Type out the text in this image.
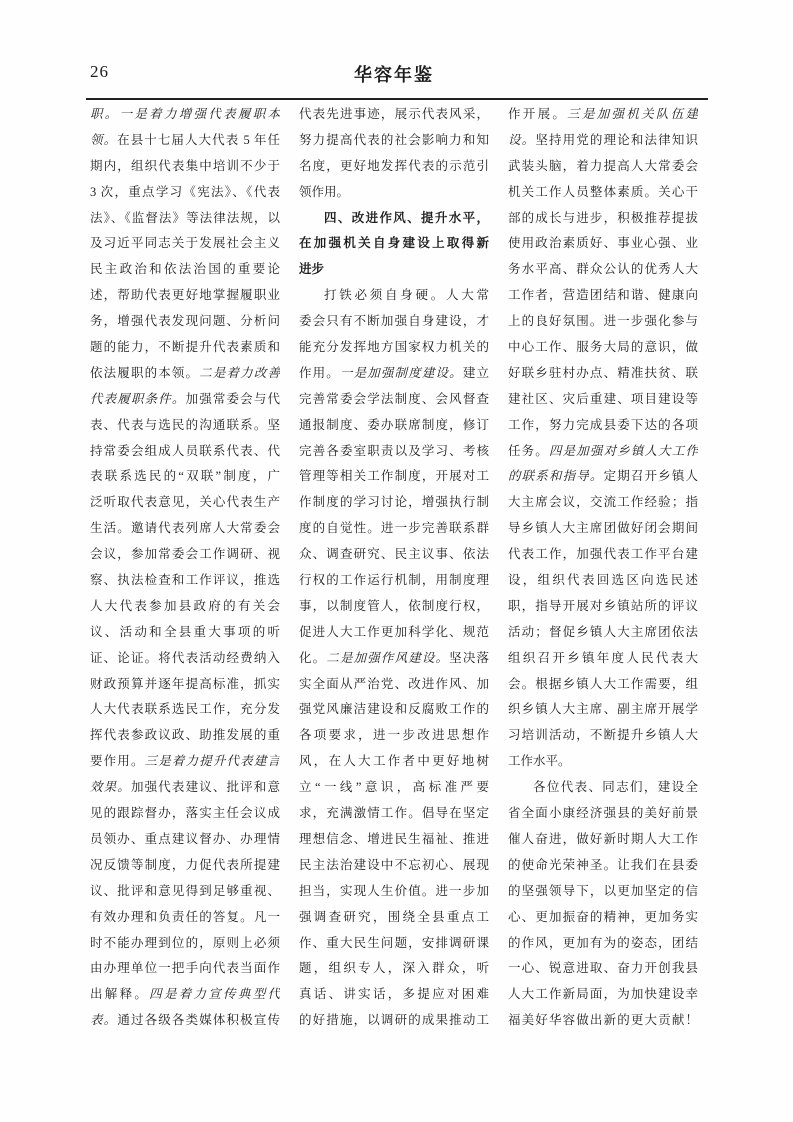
26	华容年鉴
职。一是着力增强代表履职本
领。在县十七届人大代表 5 年任
期内，组织代表集中培训不少于
3 次，重点学习《宪法》、《代表
法》、《监督法》等法律法规，以
及习近平同志关于发展社会主义
民主政治和依法治国的重要论
述，帮助代表更好地掌握履职业
务，增强代表发现问题、分析问
题的能力，不断提升代表素质和
依法履职的本领。二是着力改善
代表履职条件。加强常委会与代
表、代表与选民的沟通联系。坚
持常委会组成人员联系代表、代
表联系选民的“双联”制度，广
泛听取代表意见，关心代表生产
生活。邀请代表列席人大常委会
会议，参加常委会工作调研、视
察、执法检查和工作评议，推选
人大代表参加县政府的有关会
议、活动和全县重大事项的听
证、论证。将代表活动经费纳入
财政预算并逐年提高标准，抓实
人大代表联系选民工作，充分发
挥代表参政议政、助推发展的重
要作用。三是着力提升代表建言
效果。加强代表建议、批评和意
见的跟踪督办，落实主任会议成
员领办、重点建议督办、办理情
况反馈等制度，力促代表所提建
议、批评和意见得到足够重视、
有效办理和负责任的答复。凡一
时不能办理到位的，原则上必须
由办理单位一把手向代表当面作
出解释。四是着力宣传典型代
表。通过各级各类媒体积极宣传
代表先进事迹，展示代表风采，
努力提高代表的社会影响力和知
名度，更好地发挥代表的示范引
领作用。
四、改进作风、提升水平，
在加强机关自身建设上取得新
进步
打铁必须自身硬。人大常
委会只有不断加强自身建设，才
能充分发挥地方国家权力机关的
作用。一是加强制度建设。建立
完善常委会学法制度、会风督查
通报制度、委办联席制度，修订
完善各委室职责以及学习、考核
管理等相关工作制度，开展对工
作制度的学习讨论，增强执行制
度的自觉性。进一步完善联系群
众、调查研究、民主议事、依法
行权的工作运行机制，用制度理
事，以制度管人，依制度行权，
促进人大工作更加科学化、规范
化。二是加强作风建设。坚决落
实全面从严治党、改进作风、加
强党风廉洁建设和反腐败工作的
各项要求，进一步改进思想作
风，在人大工作者中更好地树
立“一线”意识，高标准严要
求，充满激情工作。倡导在坚定
理想信念、增进民生福祉、推进
民主法治建设中不忘初心、展现
担当，实现人生价值。进一步加
强调查研究，围绕全县重点工
作、重大民生问题，安排调研课
题，组织专人，深入群众，听
真话、讲实话，多提应对困难
的好措施，以调研的成果推动工
作开展。三是加强机关队伍建
设。坚持用党的理论和法律知识
武装头脑，着力提高人大常委会
机关工作人员整体素质。关心干
部的成长与进步，积极推荐提拔
使用政治素质好、事业心强、业
务水平高、群众公认的优秀人大
工作者，营造团结和谐、健康向
上的良好氛围。进一步强化参与
中心工作、服务大局的意识，做
好联乡驻村办点、精准扶贫、联
建社区、灾后重建、项目建设等
工作，努力完成县委下达的各项
任务。四是加强对乡镇人大工作
的联系和指导。定期召开乡镇人
大主席会议，交流工作经验；指
导乡镇人大主席团做好闭会期间
代表工作，加强代表工作平台建
设，组织代表回选区向选民述
职，指导开展对乡镇站所的评议
活动；督促乡镇人大主席团依法
组织召开乡镇年度人民代表大
会。根据乡镇人大工作需要，组
织乡镇人大主席、副主席开展学
习培训活动，不断提升乡镇人大
工作水平。
各位代表、同志们，建设全
省全面小康经济强县的美好前景
催人奋进，做好新时期人大工作
的使命光荣神圣。让我们在县委
的坚强领导下，以更加坚定的信
心、更加振奋的精神，更加务实
的作风，更加有为的姿态，团结
一心、锐意进取、奋力开创我县
人大工作新局面，为加快建设幸
福美好华容做出新的更大贡献！
